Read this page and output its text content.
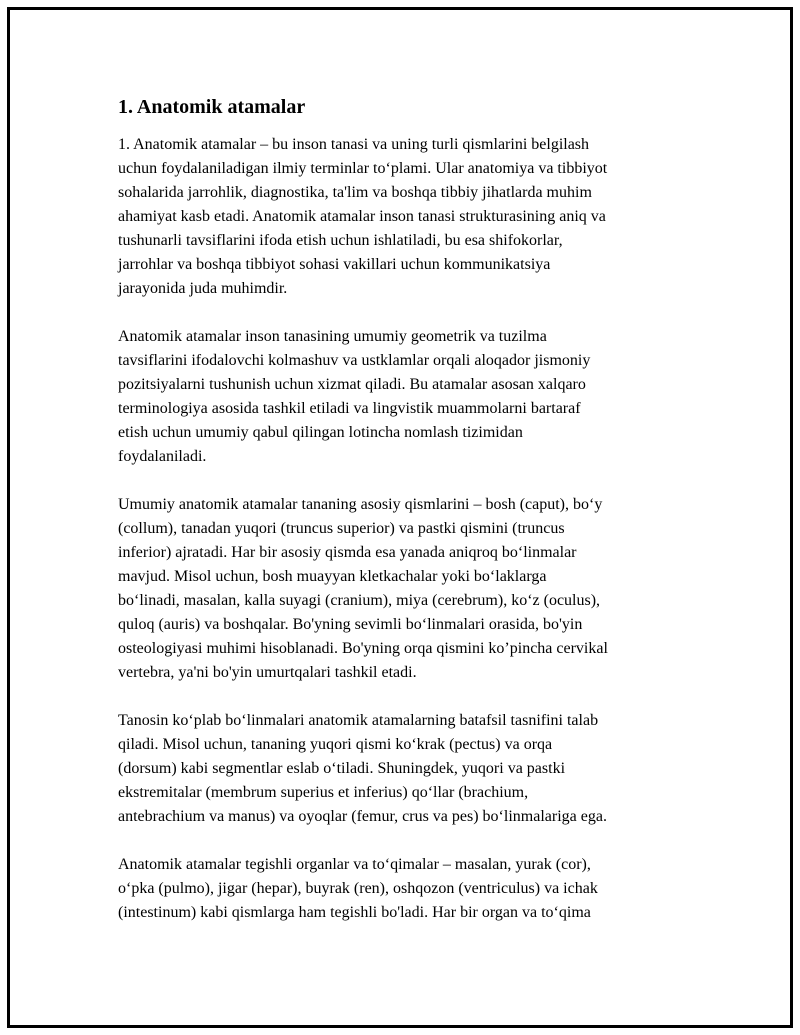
1. Anatomik atamalar

1. Anatomik atamalar – bu inson tanasi va uning turli qismlarini belgilash
uchun foydalaniladigan ilmiy terminlar to‘plami. Ular anatomiya va tibbiyot
sohalarida jarrohlik, diagnostika, ta'lim va boshqa tibbiy jihatlarda muhim
ahamiyat kasb etadi. Anatomik atamalar inson tanasi strukturasining aniq va
tushunarli tavsiflarini ifoda etish uchun ishlatiladi, bu esa shifokorlar,
jarrohlar va boshqa tibbiyot sohasi vakillari uchun kommunikatsiya
jarayonida juda muhimdir.

Anatomik atamalar inson tanasining umumiy geometrik va tuzilma
tavsiflarini ifodalovchi kolmashuv va ustklamlar orqali aloqador jismoniy
pozitsiyalarni tushunish uchun xizmat qiladi. Bu atamalar asosan xalqaro
terminologiya asosida tashkil etiladi va lingvistik muammolarni bartaraf
etish uchun umumiy qabul qilingan lotincha nomlash tizimidan
foydalaniladi.

Umumiy anatomik atamalar tananing asosiy qismlarini – bosh (caput), bo‘y
(collum), tanadan yuqori (truncus superior) va pastki qismini (truncus
inferior) ajratadi. Har bir asosiy qismda esa yanada aniqroq bo‘linmalar
mavjud. Misol uchun, bosh muayyan kletkachalar yoki bo‘laklarga
bo‘linadi, masalan, kalla suyagi (cranium), miya (cerebrum), ko‘z (oculus),
quloq (auris) va boshqalar. Bo'yning sevimli bo‘linmalari orasida, bo'yin
osteologiyasi muhimi hisoblanadi. Bo'yning orqa qismini ko’pincha cervikal
vertebra, ya'ni bo'yin umurtqalari tashkil etadi.

Tanosin ko‘plab bo‘linmalari anatomik atamalarning batafsil tasnifini talab
qiladi. Misol uchun, tananing yuqori qismi ko‘krak (pectus) va orqa
(dorsum) kabi segmentlar eslab o‘tiladi. Shuningdek, yuqori va pastki
ekstremitalar (membrum superius et inferius) qo‘llar (brachium,
antebrachium va manus) va oyoqlar (femur, crus va pes) bo‘linmalariga ega.

Anatomik atamalar tegishli organlar va to‘qimalar – masalan, yurak (cor),
o‘pka (pulmo), jigar (hepar), buyrak (ren), oshqozon (ventriculus) va ichak
(intestinum) kabi qismlarga ham tegishli bo'ladi. Har bir organ va to‘qima
